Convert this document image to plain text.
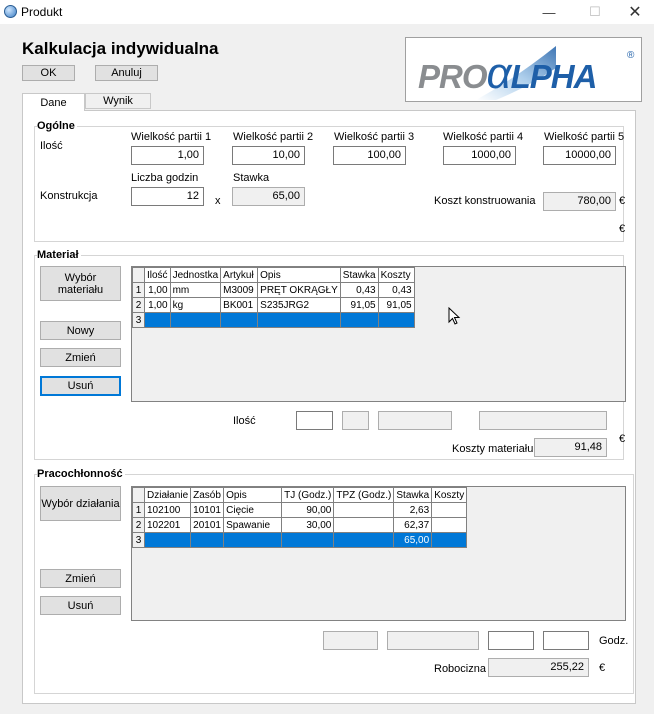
Produkt	—	☐	✕
Kalkulacja indywidualna
OK	Anuluj	PROαLPHA
®
Dane	Wynik
Ogólne
Ilość
Wielkość partii 1 Wielkość partii 2 Wielkość partii 3	Wielkość partii 4 Wielkość partii 5
1,00	10,00	100,00	1000,00	10000,00
Liczba godzin	Stawka
Konstrukcja	12	x	65,00	Koszt konstruowania	780,00 €
€
Materiał
Wybór materiału
Nowy
Zmień
Usuń
	Ilość	Jednostka	Artykuł	Opis	Stawka	Koszty
1	1,00	mm	M3009	PRĘT OKRĄGŁY	0,43	0,43
2	1,00	kg	BK001	S235JRG2	91,05	91,05
3						
Ilość
Koszty materiału	91,48
€
Pracochłonność
Wybór działania
Zmień
Usuń
	Działanie	Zasób	Opis	TJ (Godz.)	TPZ (Godz.)	Stawka	Koszty
1	102100	10101	Cięcie	90,00		2,63	
2	102201	20101	Spawanie	30,00		62,37	
3						65,00	
Godz.
Robocizna	255,22	€
